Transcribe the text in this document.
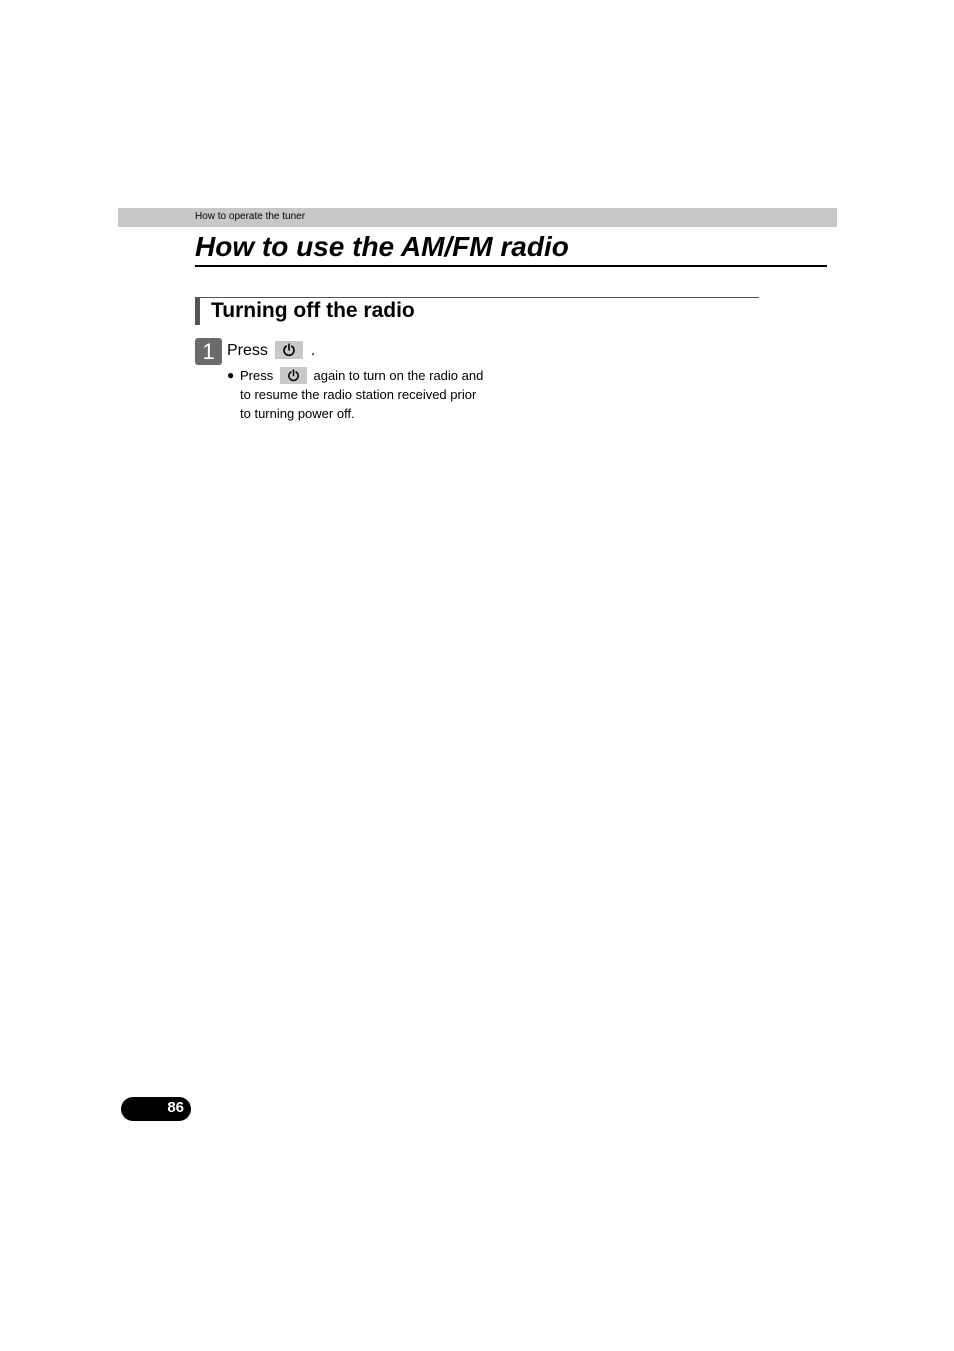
How to operate the tuner
How to use the AM/FM radio
Turning off the radio
1 Press	.
● Press	again to turn on the radio and to resume the radio station received prior to turning power off.
86
